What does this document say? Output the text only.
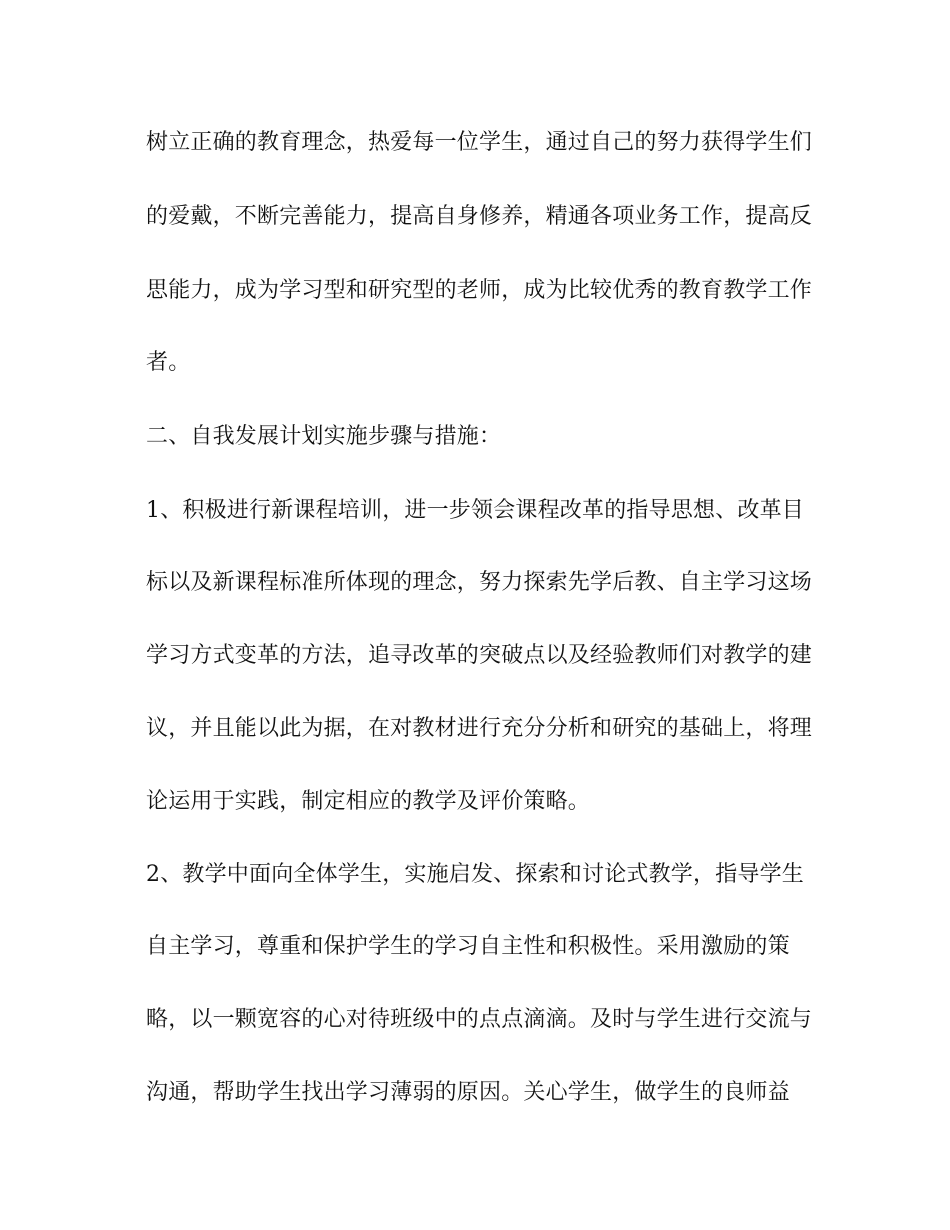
树立正确的教育理念，热爱每一位学生，通过自己的努力获得学生们
的爱戴，不断完善能力，提高自身修养，精通各项业务工作，提高反
思能力，成为学习型和研究型的老师，成为比较优秀的教育教学工作
者。
二、自我发展计划实施步骤与措施：
1、积极进行新课程培训，进一步领会课程改革的指导思想、改革目
标以及新课程标准所体现的理念，努力探索先学后教、自主学习这场
学习方式变革的方法，追寻改革的突破点以及经验教师们对教学的建
议，并且能以此为据，在对教材进行充分分析和研究的基础上，将理
论运用于实践，制定相应的教学及评价策略。
2、教学中面向全体学生，实施启发、探索和讨论式教学，指导学生
自主学习，尊重和保护学生的学习自主性和积极性。采用激励的策
略，以一颗宽容的心对待班级中的点点滴滴。及时与学生进行交流与
沟通，帮助学生找出学习薄弱的原因。关心学生，做学生的良师益
